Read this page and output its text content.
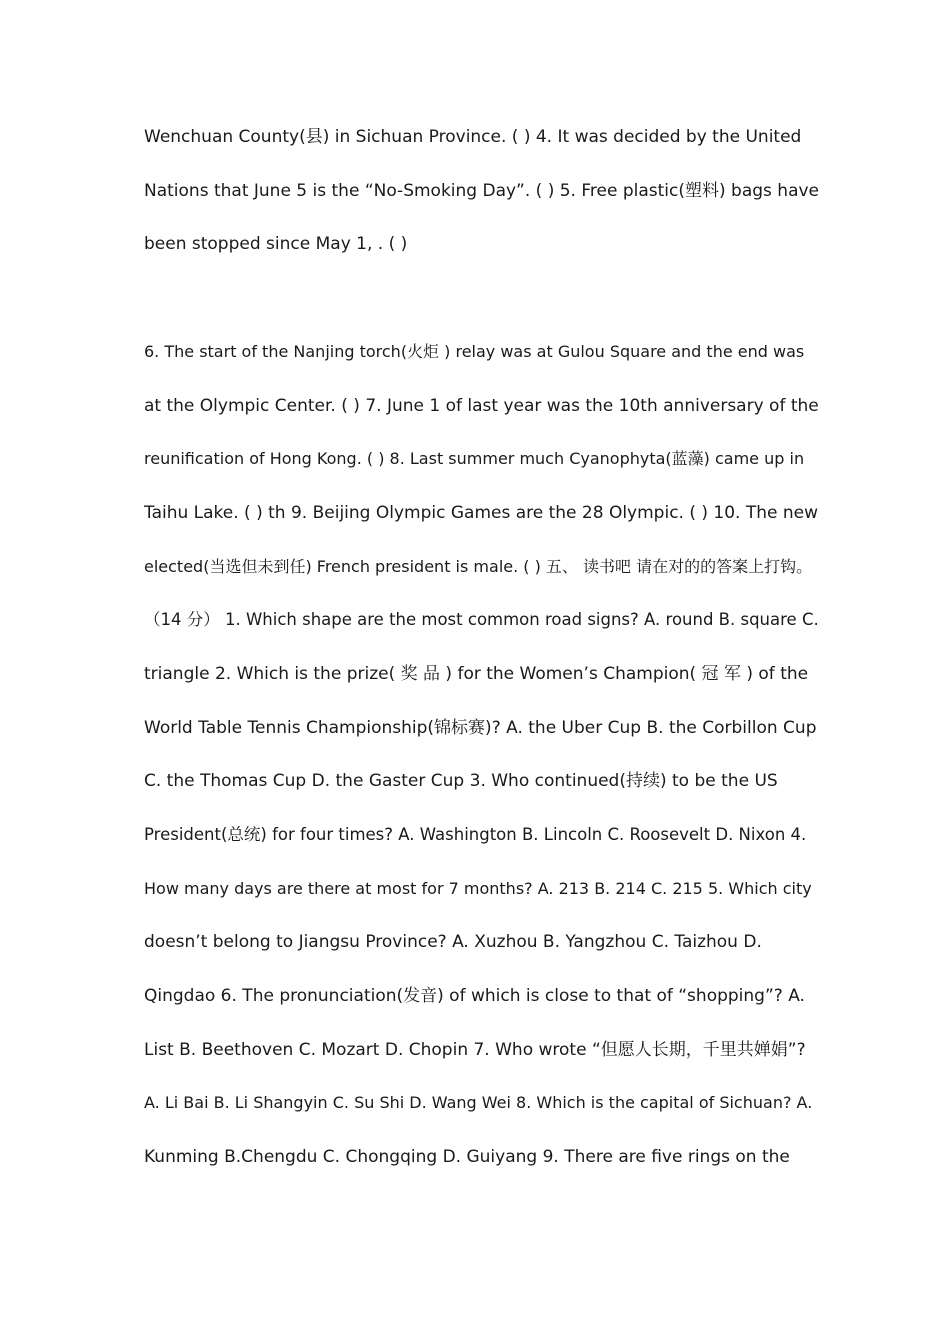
Wenchuan County(县) in Sichuan Province. ( ) 4. It was decided by the United
Nations that June 5 is the “No-Smoking Day”. ( ) 5. Free plastic(塑料) bags have
been stopped since May 1, . ( )
6. The start of the Nanjing torch(火炬 ) relay was at Gulou Square and the end was
at the Olympic Center. ( ) 7. June 1 of last year was the 10th anniversary of the
reunification of Hong Kong. ( ) 8. Last summer much Cyanophyta(蓝藻) came up in
Taihu Lake. ( ) th 9. Beijing Olympic Games are the 28 Olympic. ( ) 10. The new
elected(当选但未到任) French president is male. ( ) 五、 读书吧 请在对的的答案上打钩。
（14 分） 1. Which shape are the most common road signs? A. round B. square C.
triangle 2. Which is the prize( 奖 品 ) for the Women’s Champion( 冠 军 ) of the
World Table Tennis Championship(锦标赛)? A. the Uber Cup B. the Corbillon Cup
C. the Thomas Cup D. the Gaster Cup 3. Who continued(持续) to be the US
President(总统) for four times? A. Washington B. Lincoln C. Roosevelt D. Nixon 4.
How many days are there at most for 7 months? A. 213 B. 214 C. 215 5. Which city
doesn’t belong to Jiangsu Province? A. Xuzhou B. Yangzhou C. Taizhou D.
Qingdao 6. The pronunciation(发音) of which is close to that of “shopping”? A.
List B. Beethoven C. Mozart D. Chopin 7. Who wrote “但愿人长期，千里共婵娟”?
A. Li Bai B. Li Shangyin C. Su Shi D. Wang Wei 8. Which is the capital of Sichuan? A.
Kunming B.Chengdu C. Chongqing D. Guiyang 9. There are five rings on the
